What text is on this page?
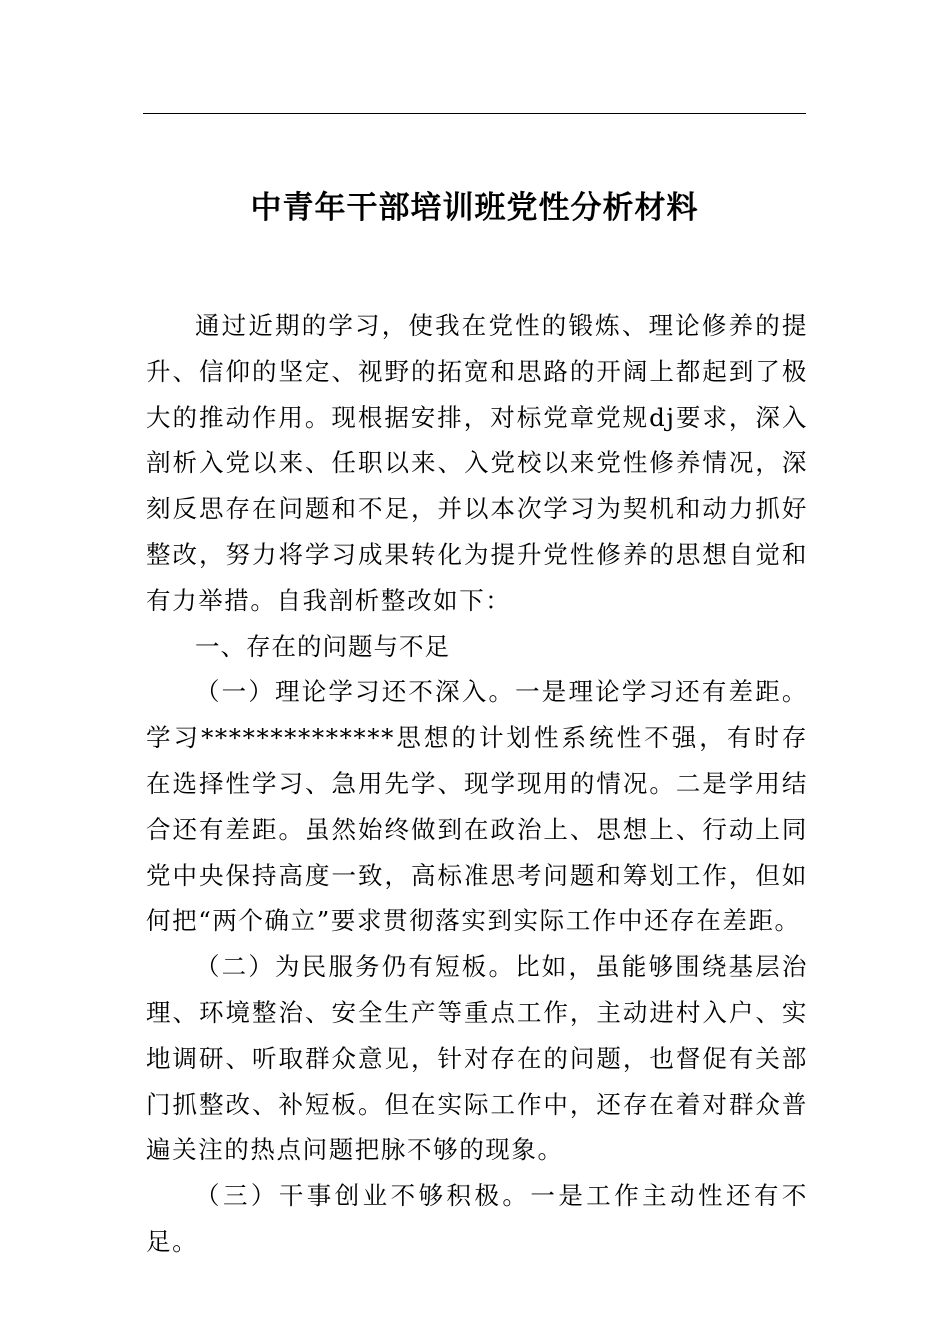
中青年干部培训班党性分析材料

通过近期的学习，使我在党性的锻炼、理论修养的提升、信仰的坚定、视野的拓宽和思路的开阔上都起到了极大的推动作用。现根据安排，对标党章党规dj要求，深入剖析入党以来、任职以来、入党校以来党性修养情况，深刻反思存在问题和不足，并以本次学习为契机和动力抓好整改，努力将学习成果转化为提升党性修养的思想自觉和有力举措。自我剖析整改如下：

一、存在的问题与不足

（一）理论学习还不深入。一是理论学习还有差距。学习**************思想的计划性系统性不强，有时存在选择性学习、急用先学、现学现用的情况。二是学用结合还有差距。虽然始终做到在政治上、思想上、行动上同党中央保持高度一致，高标准思考问题和筹划工作，但如何把“两个确立”要求贯彻落实到实际工作中还存在差距。

（二）为民服务仍有短板。比如，虽能够围绕基层治理、环境整治、安全生产等重点工作，主动进村入户、实地调研、听取群众意见，针对存在的问题，也督促有关部门抓整改、补短板。但在实际工作中，还存在着对群众普遍关注的热点问题把脉不够的现象。

（三）干事创业不够积极。一是工作主动性还有不足。
